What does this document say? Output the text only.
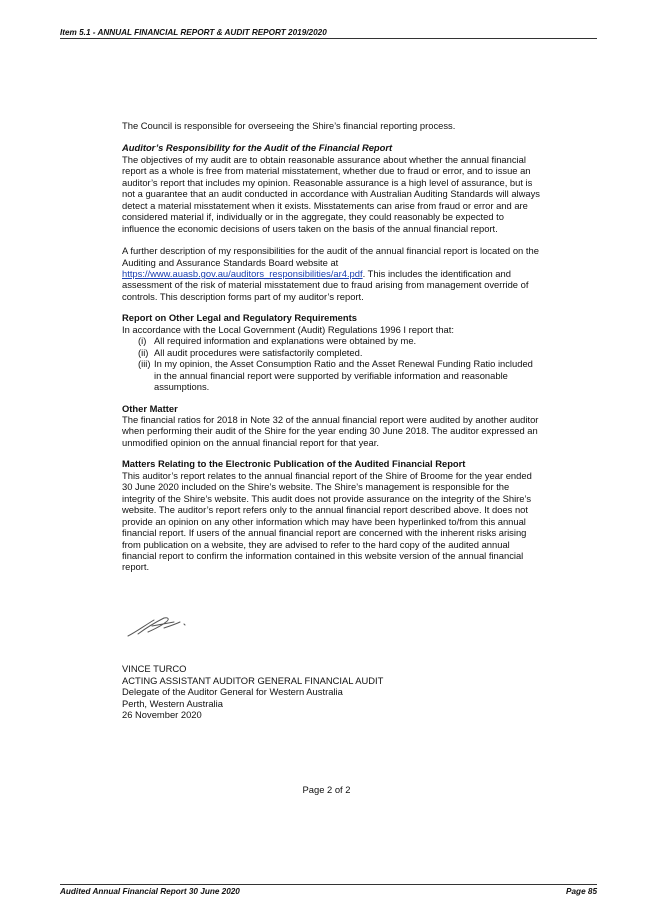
Item 5.1 - ANNUAL FINANCIAL REPORT & AUDIT REPORT 2019/2020

The Council is responsible for overseeing the Shire’s financial reporting process.

Auditor’s Responsibility for the Audit of the Financial Report

The objectives of my audit are to obtain reasonable assurance about whether the annual financial report as a whole is free from material misstatement, whether due to fraud or error, and to issue an auditor’s report that includes my opinion. Reasonable assurance is a high level of assurance, but is not a guarantee that an audit conducted in accordance with Australian Auditing Standards will always detect a material misstatement when it exists. Misstatements can arise from fraud or error and are considered material if, individually or in the aggregate, they could reasonably be expected to influence the economic decisions of users taken on the basis of the annual financial report.

A further description of my responsibilities for the audit of the annual financial report is located on the Auditing and Assurance Standards Board website at https://www.auasb.gov.au/auditors_responsibilities/ar4.pdf. This includes the identification and assessment of the risk of material misstatement due to fraud arising from management override of controls. This description forms part of my auditor’s report.

Report on Other Legal and Regulatory Requirements

In accordance with the Local Government (Audit) Regulations 1996 I report that:

(i) All required information and explanations were obtained by me.
(ii) All audit procedures were satisfactorily completed.
(iii) In my opinion, the Asset Consumption Ratio and the Asset Renewal Funding Ratio included in the annual financial report were supported by verifiable information and reasonable assumptions.

Other Matter

The financial ratios for 2018 in Note 32 of the annual financial report were audited by another auditor when performing their audit of the Shire for the year ending 30 June 2018. The auditor expressed an unmodified opinion on the annual financial report for that year.

Matters Relating to the Electronic Publication of the Audited Financial Report

This auditor’s report relates to the annual financial report of the Shire of Broome for the year ended 30 June 2020 included on the Shire’s website. The Shire’s management is responsible for the integrity of the Shire’s website. This audit does not provide assurance on the integrity of the Shire’s website. The auditor’s report refers only to the annual financial report described above. It does not provide an opinion on any other information which may have been hyperlinked to/from this annual financial report. If users of the annual financial report are concerned with the inherent risks arising from publication on a website, they are advised to refer to the hard copy of the audited annual financial report to confirm the information contained in this website version of the annual financial report.

VINCE TURCO
ACTING ASSISTANT AUDITOR GENERAL FINANCIAL AUDIT
Delegate of the Auditor General for Western Australia
Perth, Western Australia
26 November 2020
Page 2 of 2
Audited Annual Financial Report 30 June 2020	Page 85
